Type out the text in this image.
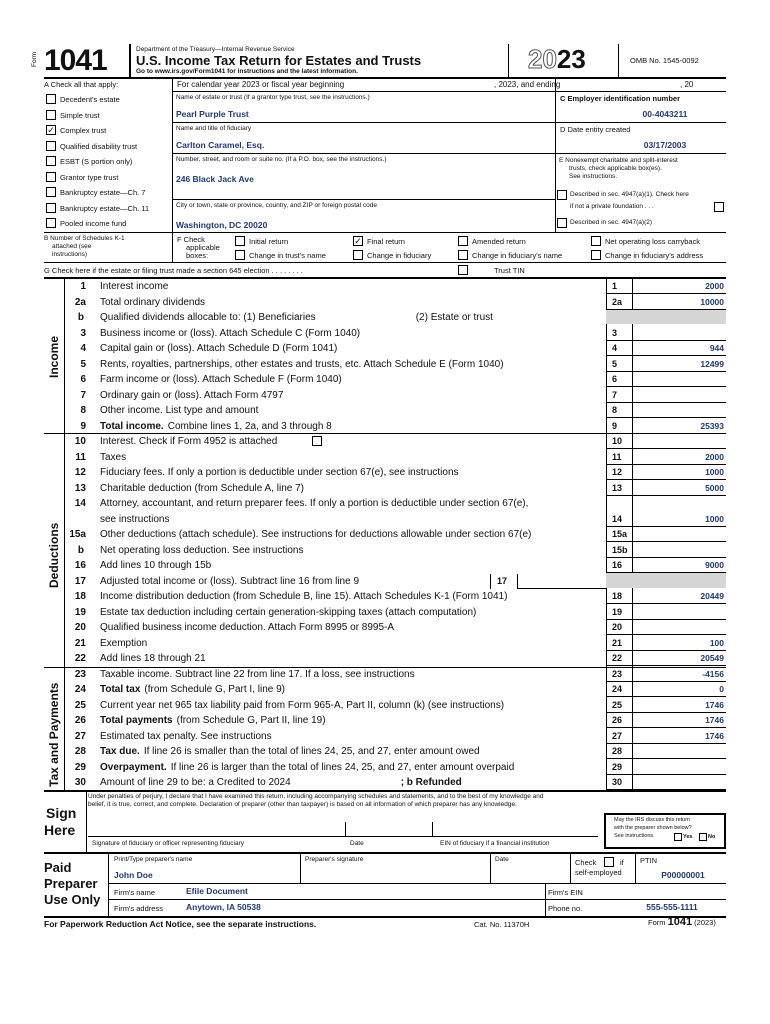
Form 1041	Department of the Treasury—Internal Revenue Service
U.S. Income Tax Return for Estates and Trusts
Go to www.irs.gov/Form1041 for instructions and the latest information.	2023	OMB No. 1545-0092
A Check all that apply:
Decedent's estate
Simple trust
✓ Complex trust
Qualified disability trust
ESBT (S portion only)
Grantor type trust
Bankruptcy estate—Ch. 7
Bankruptcy estate—Ch. 11
Pooled income fund
For calendar year 2023 or fiscal year beginning	, 2023, and ending	, 20
Name of estate or trust (If a grantor type trust, see the instructions.)
Pearl Purple Trust
Name and title of fiduciary
Carlton Caramel, Esq.
Number, street, and room or suite no. (If a P.O. box, see the instructions.)
246 Black Jack Ave
City or town, state or province, country, and ZIP or foreign postal code
Washington, DC 20020
C Employer identification number
00-4043211
D Date entity created
03/17/2003
E Nonexempt charitable and split-interest
trusts, check applicable box(es).
See instructions.
Described in sec. 4947(a)(1). Check here
if not a private foundation . . .
Described in sec. 4947(a)(2)
B Number of Schedules K-1
attached (see
instructions)
F Check
applicable
boxes:
Initial return	✓ Final return	Amended return	Net operating loss carryback
Change in trust's name	Change in fiduciary	Change in fiduciary's name	Change in fiduciary's address
G Check here if the estate or filing trust made a section 645 election . . . . . . . .	Trust TIN
Income
Deductions
Tax and Payments
1 Interest income	1	2000
2a Total ordinary dividends	2a	10000
b Qualified dividends allocable to: (1) Beneficiaries	(2) Estate or trust
3 Business income or (loss). Attach Schedule C (Form 1040)	3
4 Capital gain or (loss). Attach Schedule D (Form 1041)	4	944
5 Rents, royalties, partnerships, other estates and trusts, etc. Attach Schedule E (Form 1040)	5	12499
6 Farm income or (loss). Attach Schedule F (Form 1040)	6
7 Ordinary gain or (loss). Attach Form 4797	7
8 Other income. List type and amount	8
9 Total income. Combine lines 1, 2a, and 3 through 8	9	25393
10 Interest. Check if Form 4952 is attached	10
11 Taxes	11	2000
12 Fiduciary fees. If only a portion is deductible under section 67(e), see instructions	12	1000
13 Charitable deduction (from Schedule A, line 7)	13	5000
14 Attorney, accountant, and return preparer fees. If only a portion is deductible under section 67(e),
see instructions	14	1000
15a Other deductions (attach schedule). See instructions for deductions allowable under section 67(e)	15a
b Net operating loss deduction. See instructions	15b
16 Add lines 10 through 15b	16	9000
17 Adjusted total income or (loss). Subtract line 16 from line 9	17
18 Income distribution deduction (from Schedule B, line 15). Attach Schedules K-1 (Form 1041)	18	20449
19 Estate tax deduction including certain generation-skipping taxes (attach computation)	19
20 Qualified business income deduction. Attach Form 8995 or 8995-A	20
21 Exemption	21	100
22 Add lines 18 through 21	22	20549
23 Taxable income. Subtract line 22 from line 17. If a loss, see instructions	23	-4156
24 Total tax (from Schedule G, Part I, line 9)	24	0
25 Current year net 965 tax liability paid from Form 965-A, Part II, column (k) (see instructions)	25	1746
26 Total payments (from Schedule G, Part II, line 19)	26	1746
27 Estimated tax penalty. See instructions	27	1746
28 Tax due. If line 26 is smaller than the total of lines 24, 25, and 27, enter amount owed	28
29 Overpayment. If line 26 is larger than the total of lines 24, 25, and 27, enter amount overpaid	29
30 Amount of line 29 to be: a Credited to 2024	; b Refunded	30
Under penalties of perjury, I declare that I have examined this return, including accompanying schedules and statements, and to the best of my knowledge and
belief, it is true, correct, and complete. Declaration of preparer (other than taxpayer) is based on all information of which preparer has any knowledge.
Sign
Here
Signature of fiduciary or officer representing fiduciary	Date	EIN of fiduciary if a financial institution
May the IRS discuss this return
with the preparer shown below?
See instructions.	Yes	No
Paid
Preparer
Use Only
Print/Type preparer's name
John Doe
Preparer's signature	Date	Check	if
self-employed
PTIN
P00000001
Firm's name	Efile Document	Firm's EIN
Firm's address	Anytown, IA 50538	Phone no.	555-555-1111
For Paperwork Reduction Act Notice, see the separate instructions.	Cat. No. 11370H	Form 1041 (2023)
